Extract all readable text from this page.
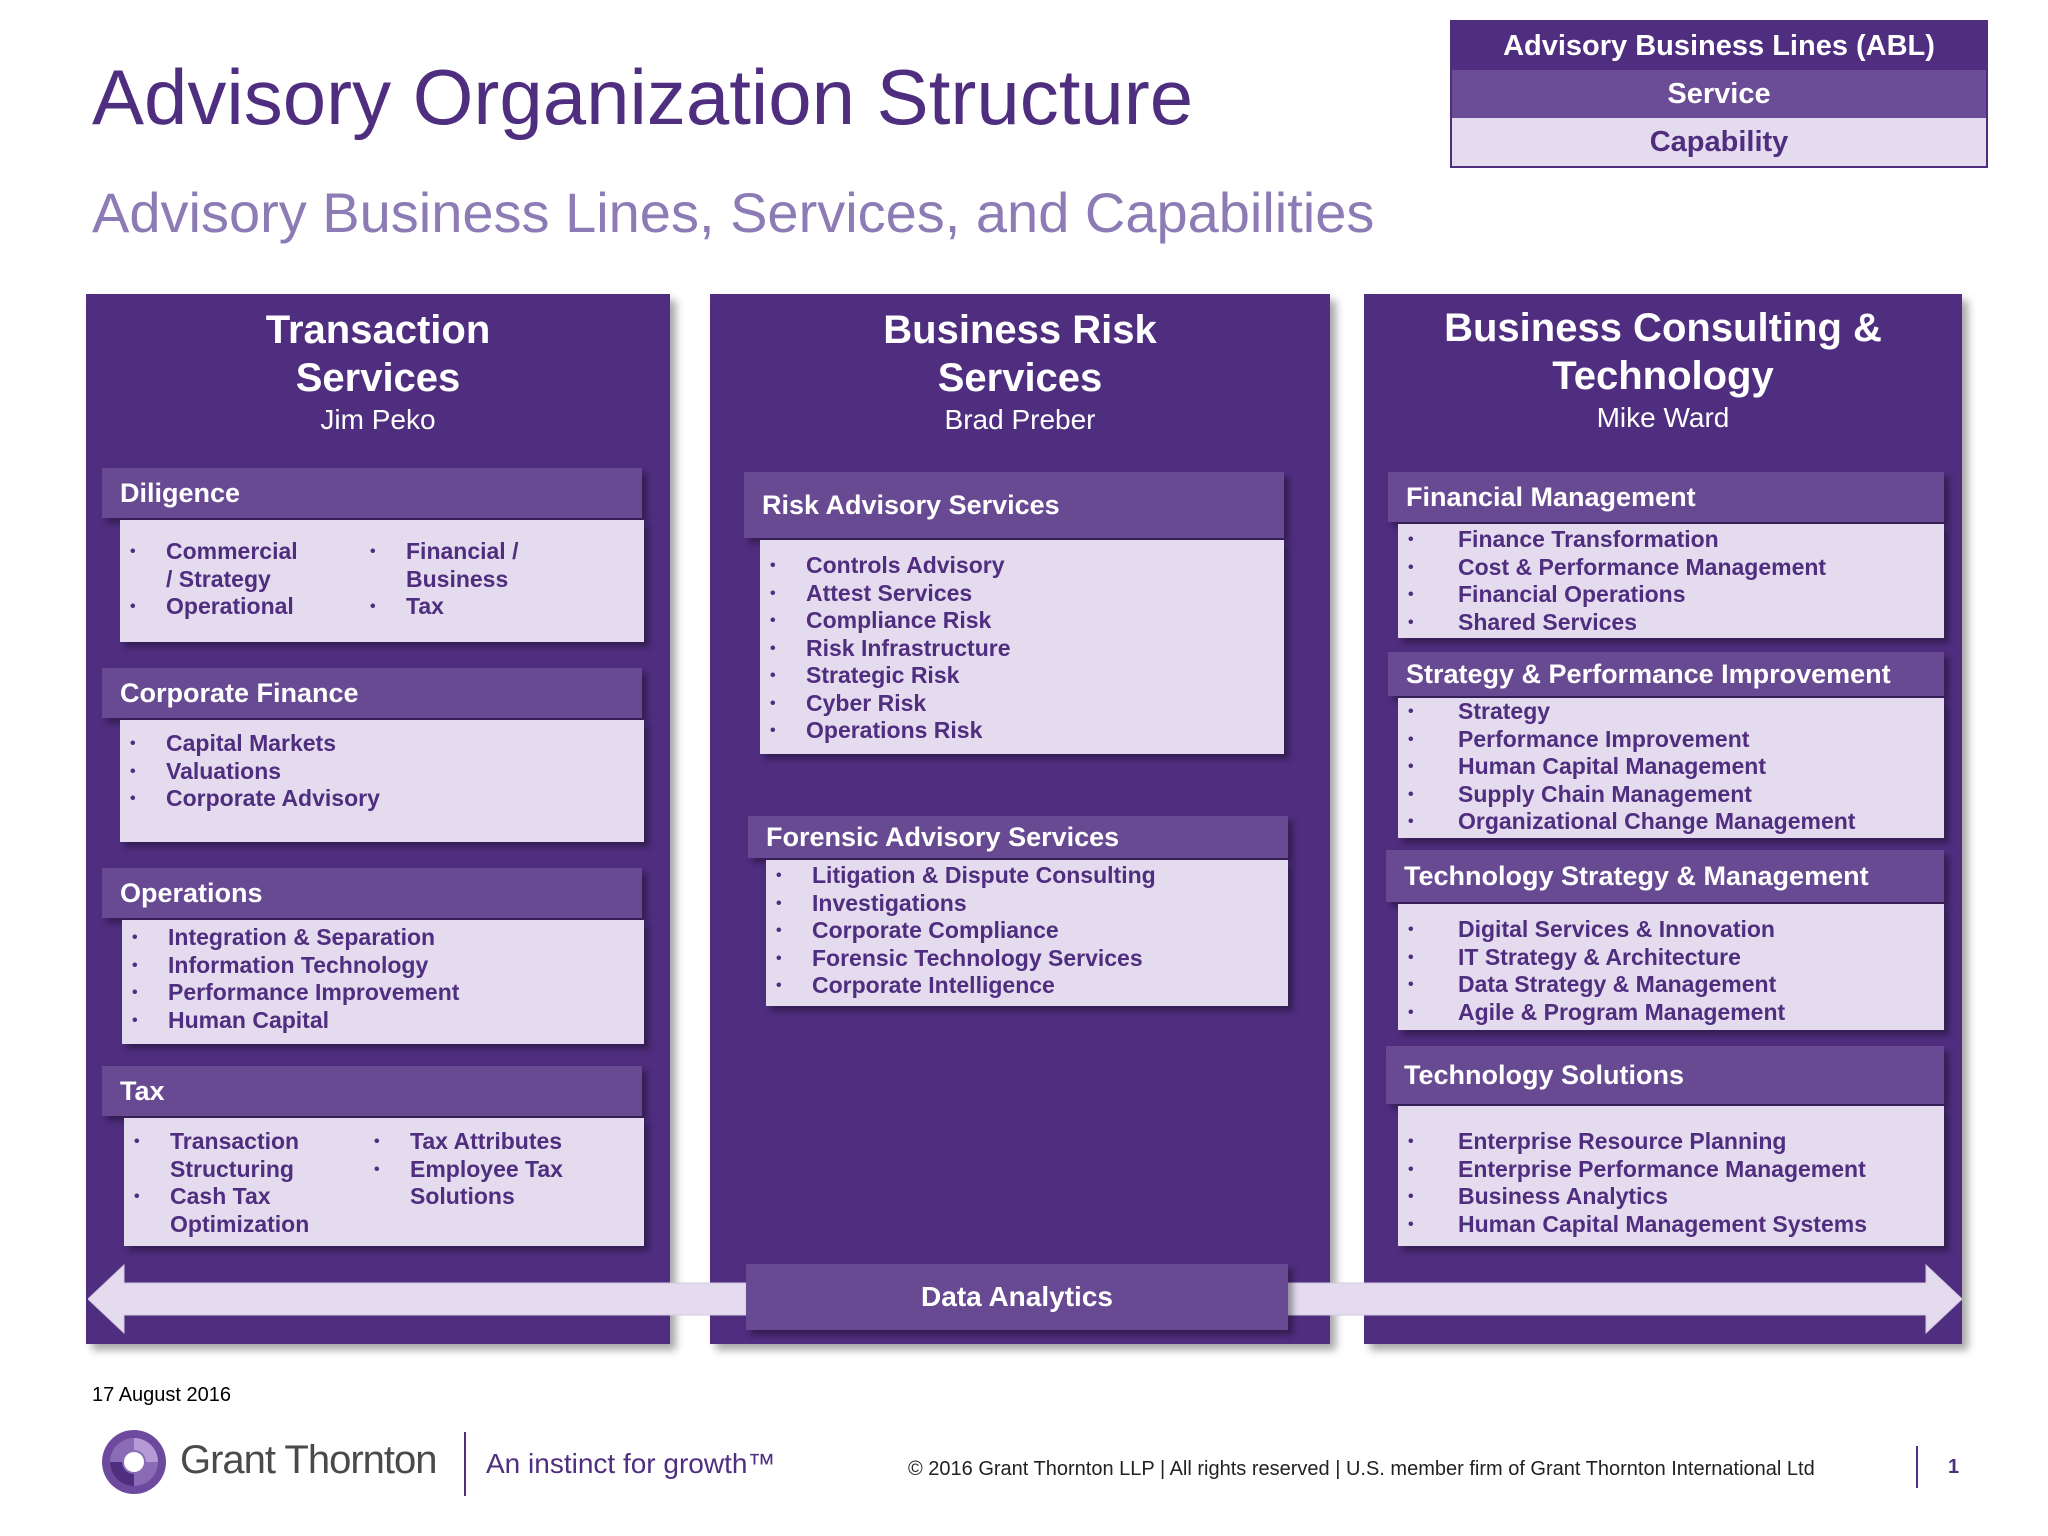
Advisory Organization Structure
Advisory Business Lines, Services, and Capabilities
Advisory Business Lines (ABL)
Service
Capability
Transaction
Services
Jim Peko
Diligence
• Commercial / Strategy
• Operational
• Financial / Business
• Tax
Corporate Finance
• Capital Markets
• Valuations
• Corporate Advisory
Operations
• Integration & Separation
• Information Technology
• Performance Improvement
• Human Capital
Tax
• Transaction Structuring
• Cash Tax Optimization
• Tax Attributes
• Employee Tax Solutions
Business Risk
Services
Brad Preber
Risk Advisory Services
• Controls Advisory
• Attest Services
• Compliance Risk
• Risk Infrastructure
• Strategic Risk
• Cyber Risk
• Operations Risk
Forensic Advisory Services
• Litigation & Dispute Consulting
• Investigations
• Corporate Compliance
• Forensic Technology Services
• Corporate Intelligence
Business Consulting &
Technology
Mike Ward
Financial Management
• Finance Transformation
• Cost & Performance Management
• Financial Operations
• Shared Services
Strategy & Performance Improvement
• Strategy
• Performance Improvement
• Human Capital Management
• Supply Chain Management
• Organizational Change Management
Technology Strategy & Management
• Digital Services & Innovation
• IT Strategy & Architecture
• Data Strategy & Management
• Agile & Program Management
Technology Solutions
• Enterprise Resource Planning
• Enterprise Performance Management
• Business Analytics
• Human Capital Management Systems
Data Analytics
17 August 2016
Grant Thornton An instinct for growth™	© 2016 Grant Thornton LLP | All rights reserved | U.S. member firm of Grant Thornton International Ltd	1
